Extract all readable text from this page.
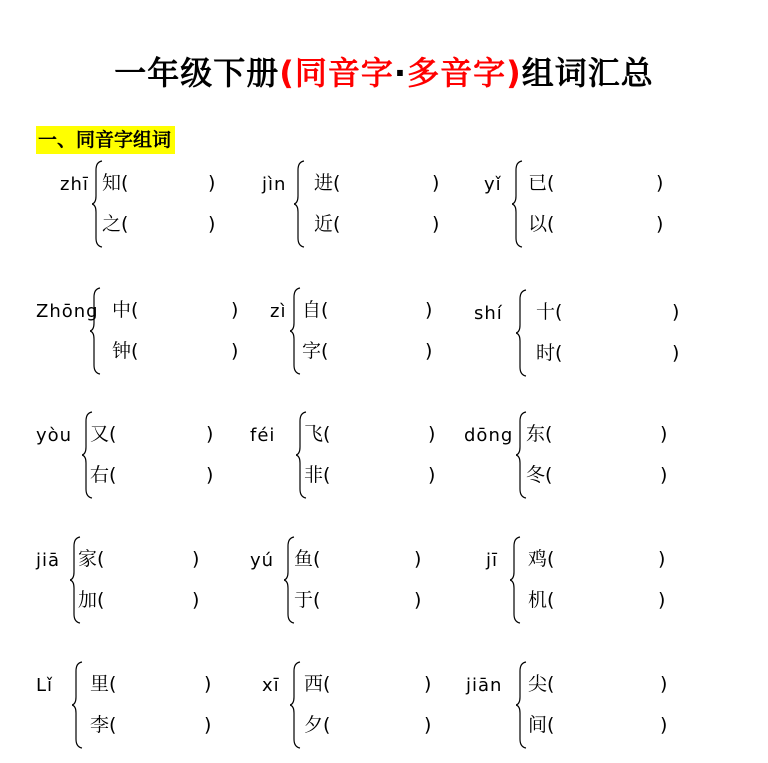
一年级下册(同音字·多音字)组词汇总
一、同音字组词
zhī 知(	)
之(	)
jìn 进(	)
近(	)
yǐ 已(	)
以(	)
Zhōng 中(	)
钟(	)
zì 自(	)
字(	)
shí 十(	)
时(	)
yòu 又(	)
右(	)
féi 飞(	)
非(	)
dōng 东(	)
冬(	)
jiā 家(	)
加(	)
yú 鱼(	)
于(	)
jī 鸡(	)
机(	)
Lǐ 里(	)
李(	)
xī 西(	)
夕(	)
jiān 尖(	)
间(	)
